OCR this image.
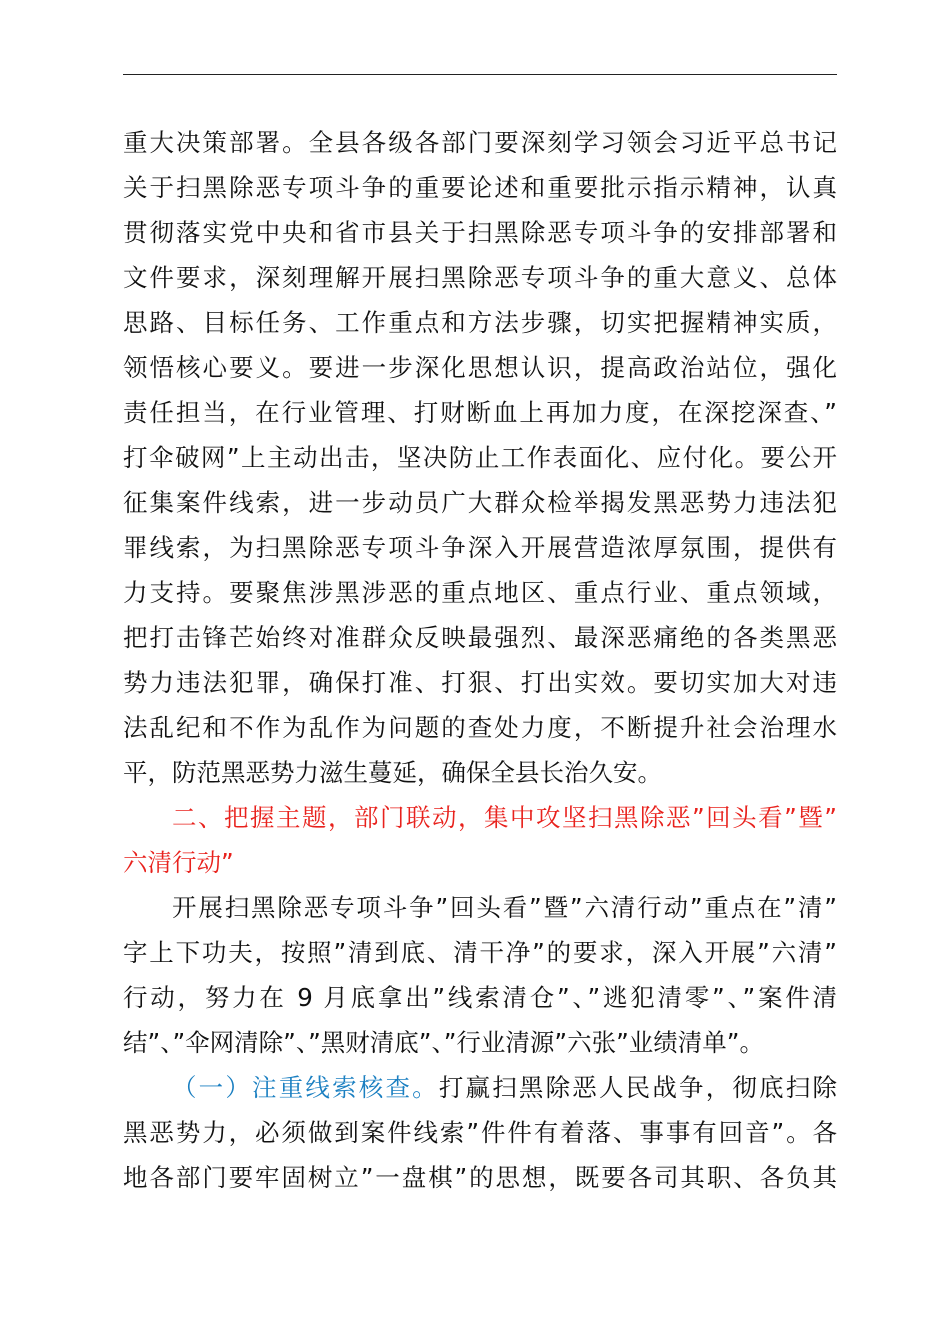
重大决策部署。全县各级各部门要深刻学习领会习近平总书记
关于扫黑除恶专项斗争的重要论述和重要批示指示精神，认真
贯彻落实党中央和省市县关于扫黑除恶专项斗争的安排部署和
文件要求，深刻理解开展扫黑除恶专项斗争的重大意义、总体
思路、目标任务、工作重点和方法步骤，切实把握精神实质，
领悟核心要义。要进一步深化思想认识，提高政治站位，强化
责任担当，在行业管理、打财断血上再加力度，在深挖深查、”
打伞破网”上主动出击，坚决防止工作表面化、应付化。要公开
征集案件线索，进一步动员广大群众检举揭发黑恶势力违法犯
罪线索，为扫黑除恶专项斗争深入开展营造浓厚氛围，提供有
力支持。要聚焦涉黑涉恶的重点地区、重点行业、重点领域，
把打击锋芒始终对准群众反映最强烈、最深恶痛绝的各类黑恶
势力违法犯罪，确保打准、打狠、打出实效。要切实加大对违
法乱纪和不作为乱作为问题的查处力度，不断提升社会治理水
平，防范黑恶势力滋生蔓延，确保全县长治久安。
二、把握主题，部门联动，集中攻坚扫黑除恶”回头看”暨”
六清行动”
开展扫黑除恶专项斗争”回头看”暨”六清行动”重点在”清”
字上下功夫，按照”清到底、清干净”的要求，深入开展”六清”
行动，努力在 9 月底拿出”线索清仓”、”逃犯清零”、”案件清
结”、”伞网清除”、”黑财清底”、”行业清源”六张”业绩清单”。
（一）注重线索核查。打赢扫黑除恶人民战争，彻底扫除
黑恶势力，必须做到案件线索”件件有着落、事事有回音”。各
地各部门要牢固树立”一盘棋”的思想，既要各司其职、各负其
